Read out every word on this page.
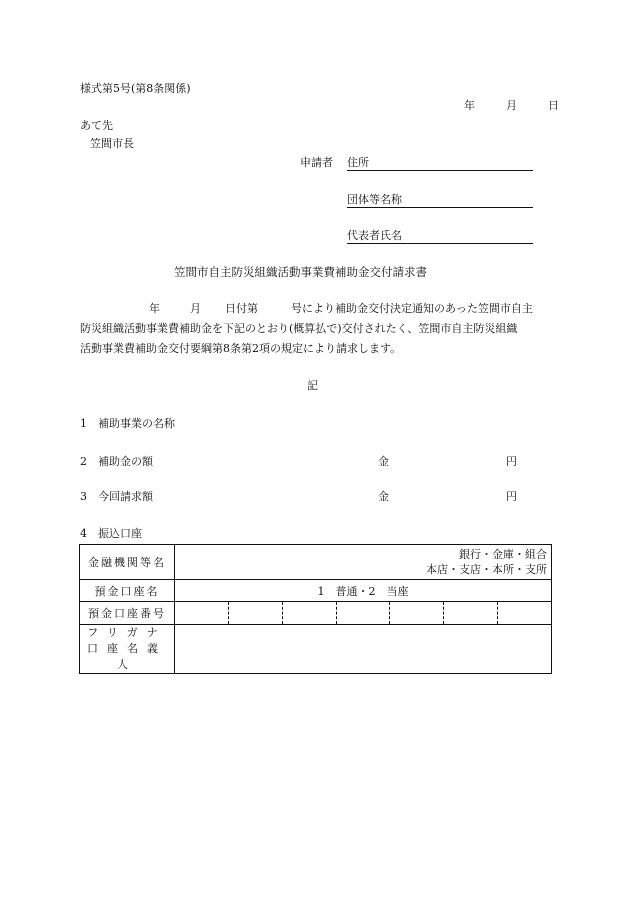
様式第5号(第8条関係)
年	月	日
あて先
笠間市長
申請者 住所
団体等名称
代表者氏名
笠間市自主防災組織活動事業費補助金交付請求書
年	月 日付第	号により補助金交付決定通知のあった笠間市自主
防災組織活動事業費補助金を下記のとおり(概算払で)交付されたく、笠間市自主防災組織
活動事業費補助金交付要綱第8条第2項の規定により請求します。
記
1　補助事業の名称
2　補助金の額	金	円
3　今回請求額	金	円
4　振込口座
金融機関等名	銀行・金庫・組合
本店・支店・本所・支所

預金口座名	1　普通・2　当座
預金口座番号	

フリガナ
口座名義人	
